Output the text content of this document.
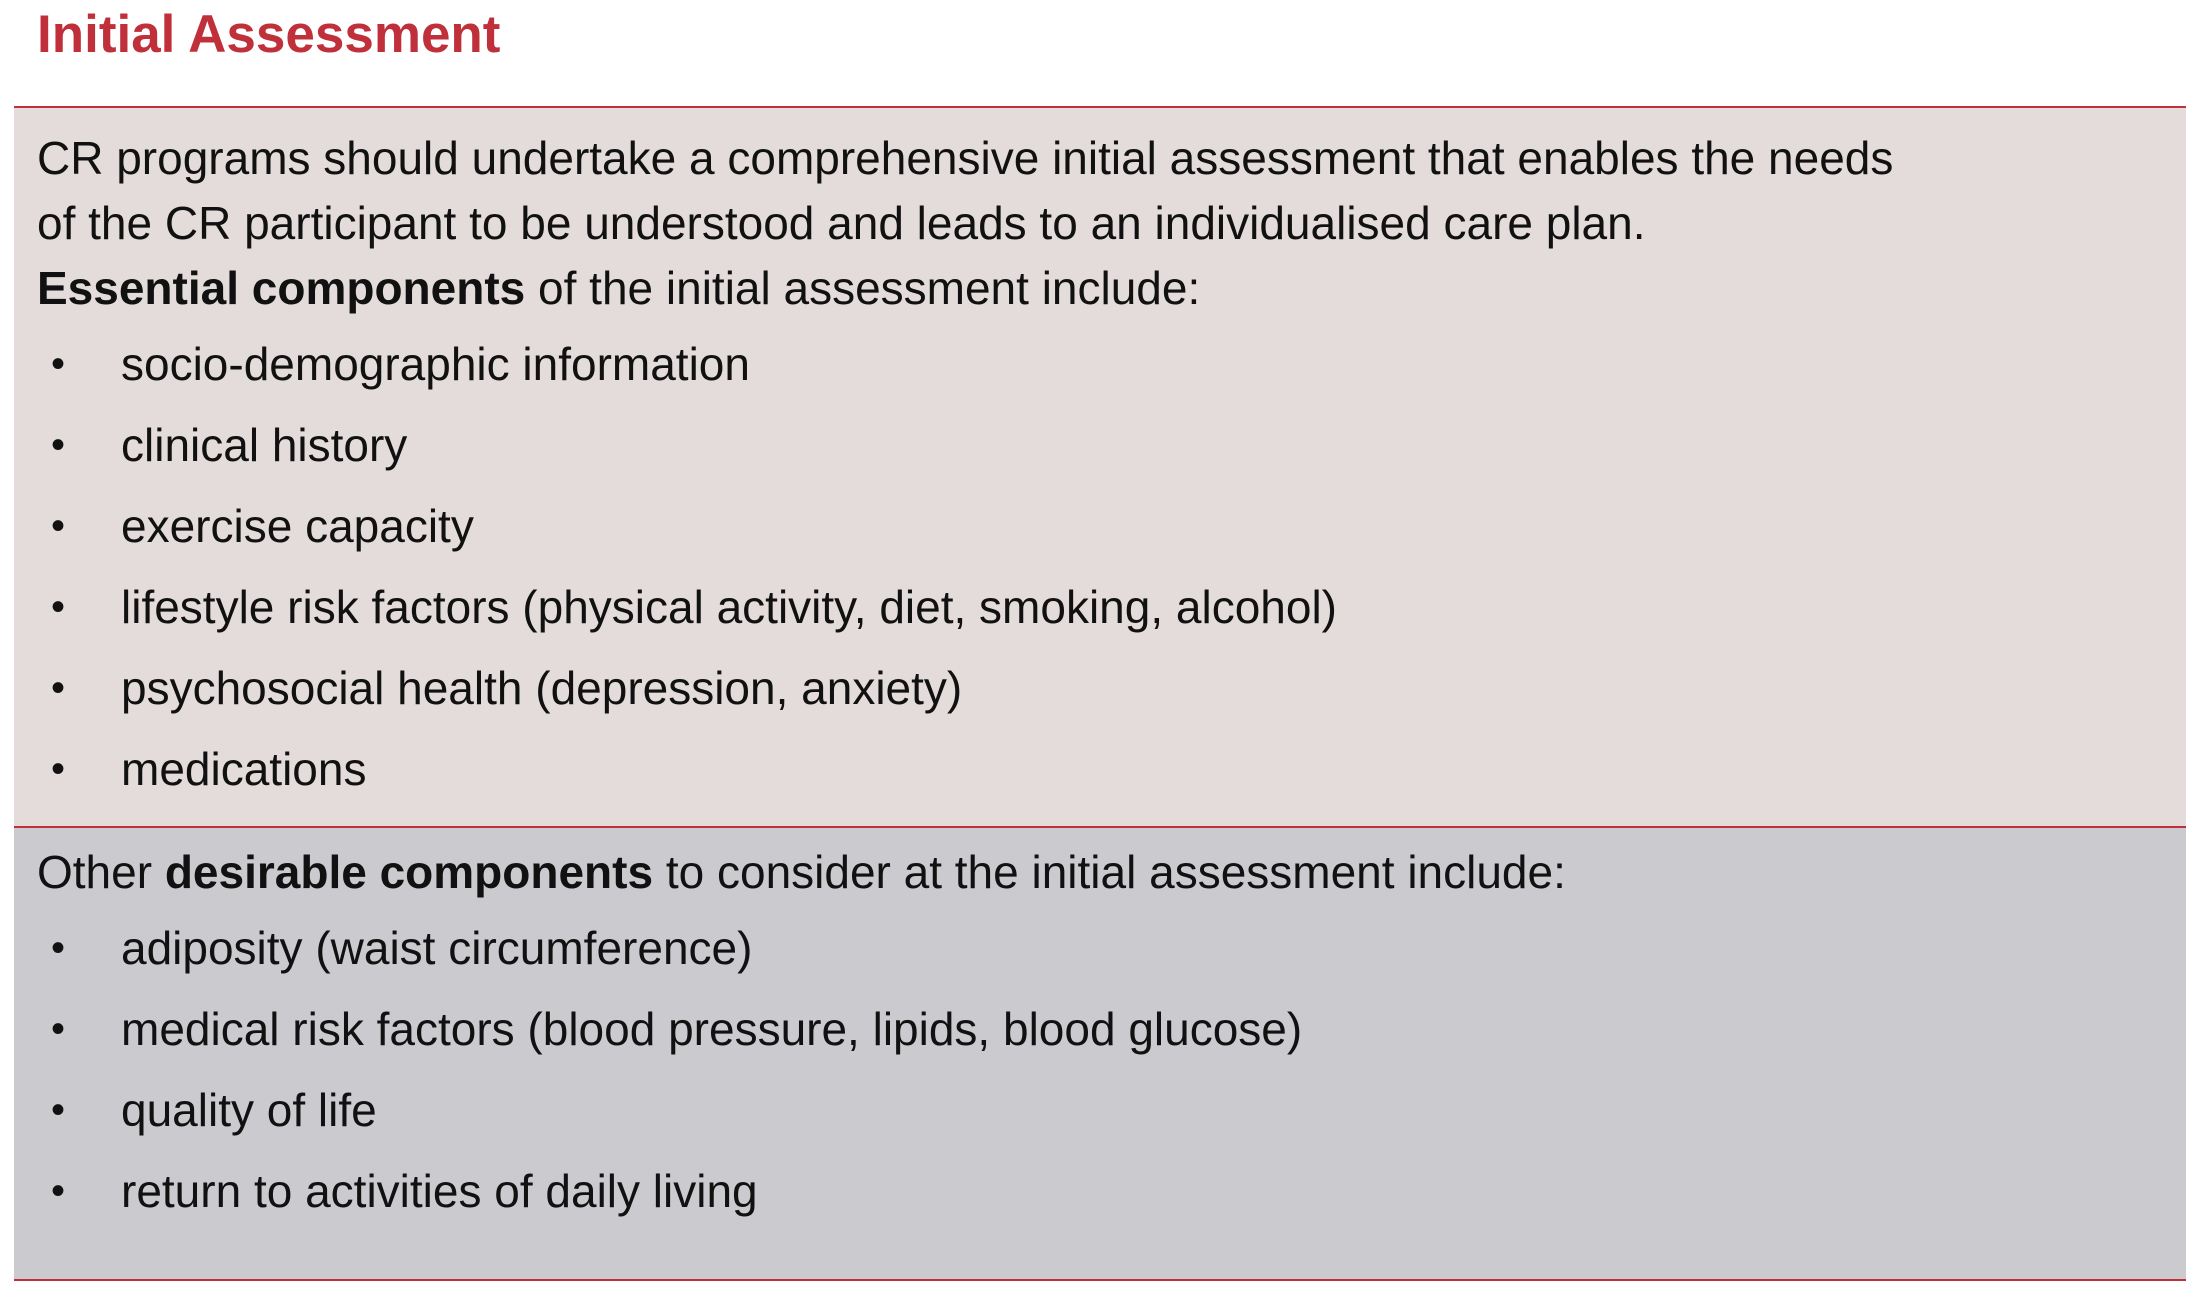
Initial Assessment

CR programs should undertake a comprehensive initial assessment that enables the needs

of the CR participant to be understood and leads to an individualised care plan.

Essential components of the initial assessment include:

•	socio-demographic information
•	clinical history
•	exercise capacity
•	lifestyle risk factors (physical activity, diet, smoking, alcohol)
•	psychosocial health (depression, anxiety)
•	medications

Other desirable components to consider at the initial assessment include:

•	adiposity (waist circumference)
•	medical risk factors (blood pressure, lipids, blood glucose)
•	quality of life
•	return to activities of daily living
